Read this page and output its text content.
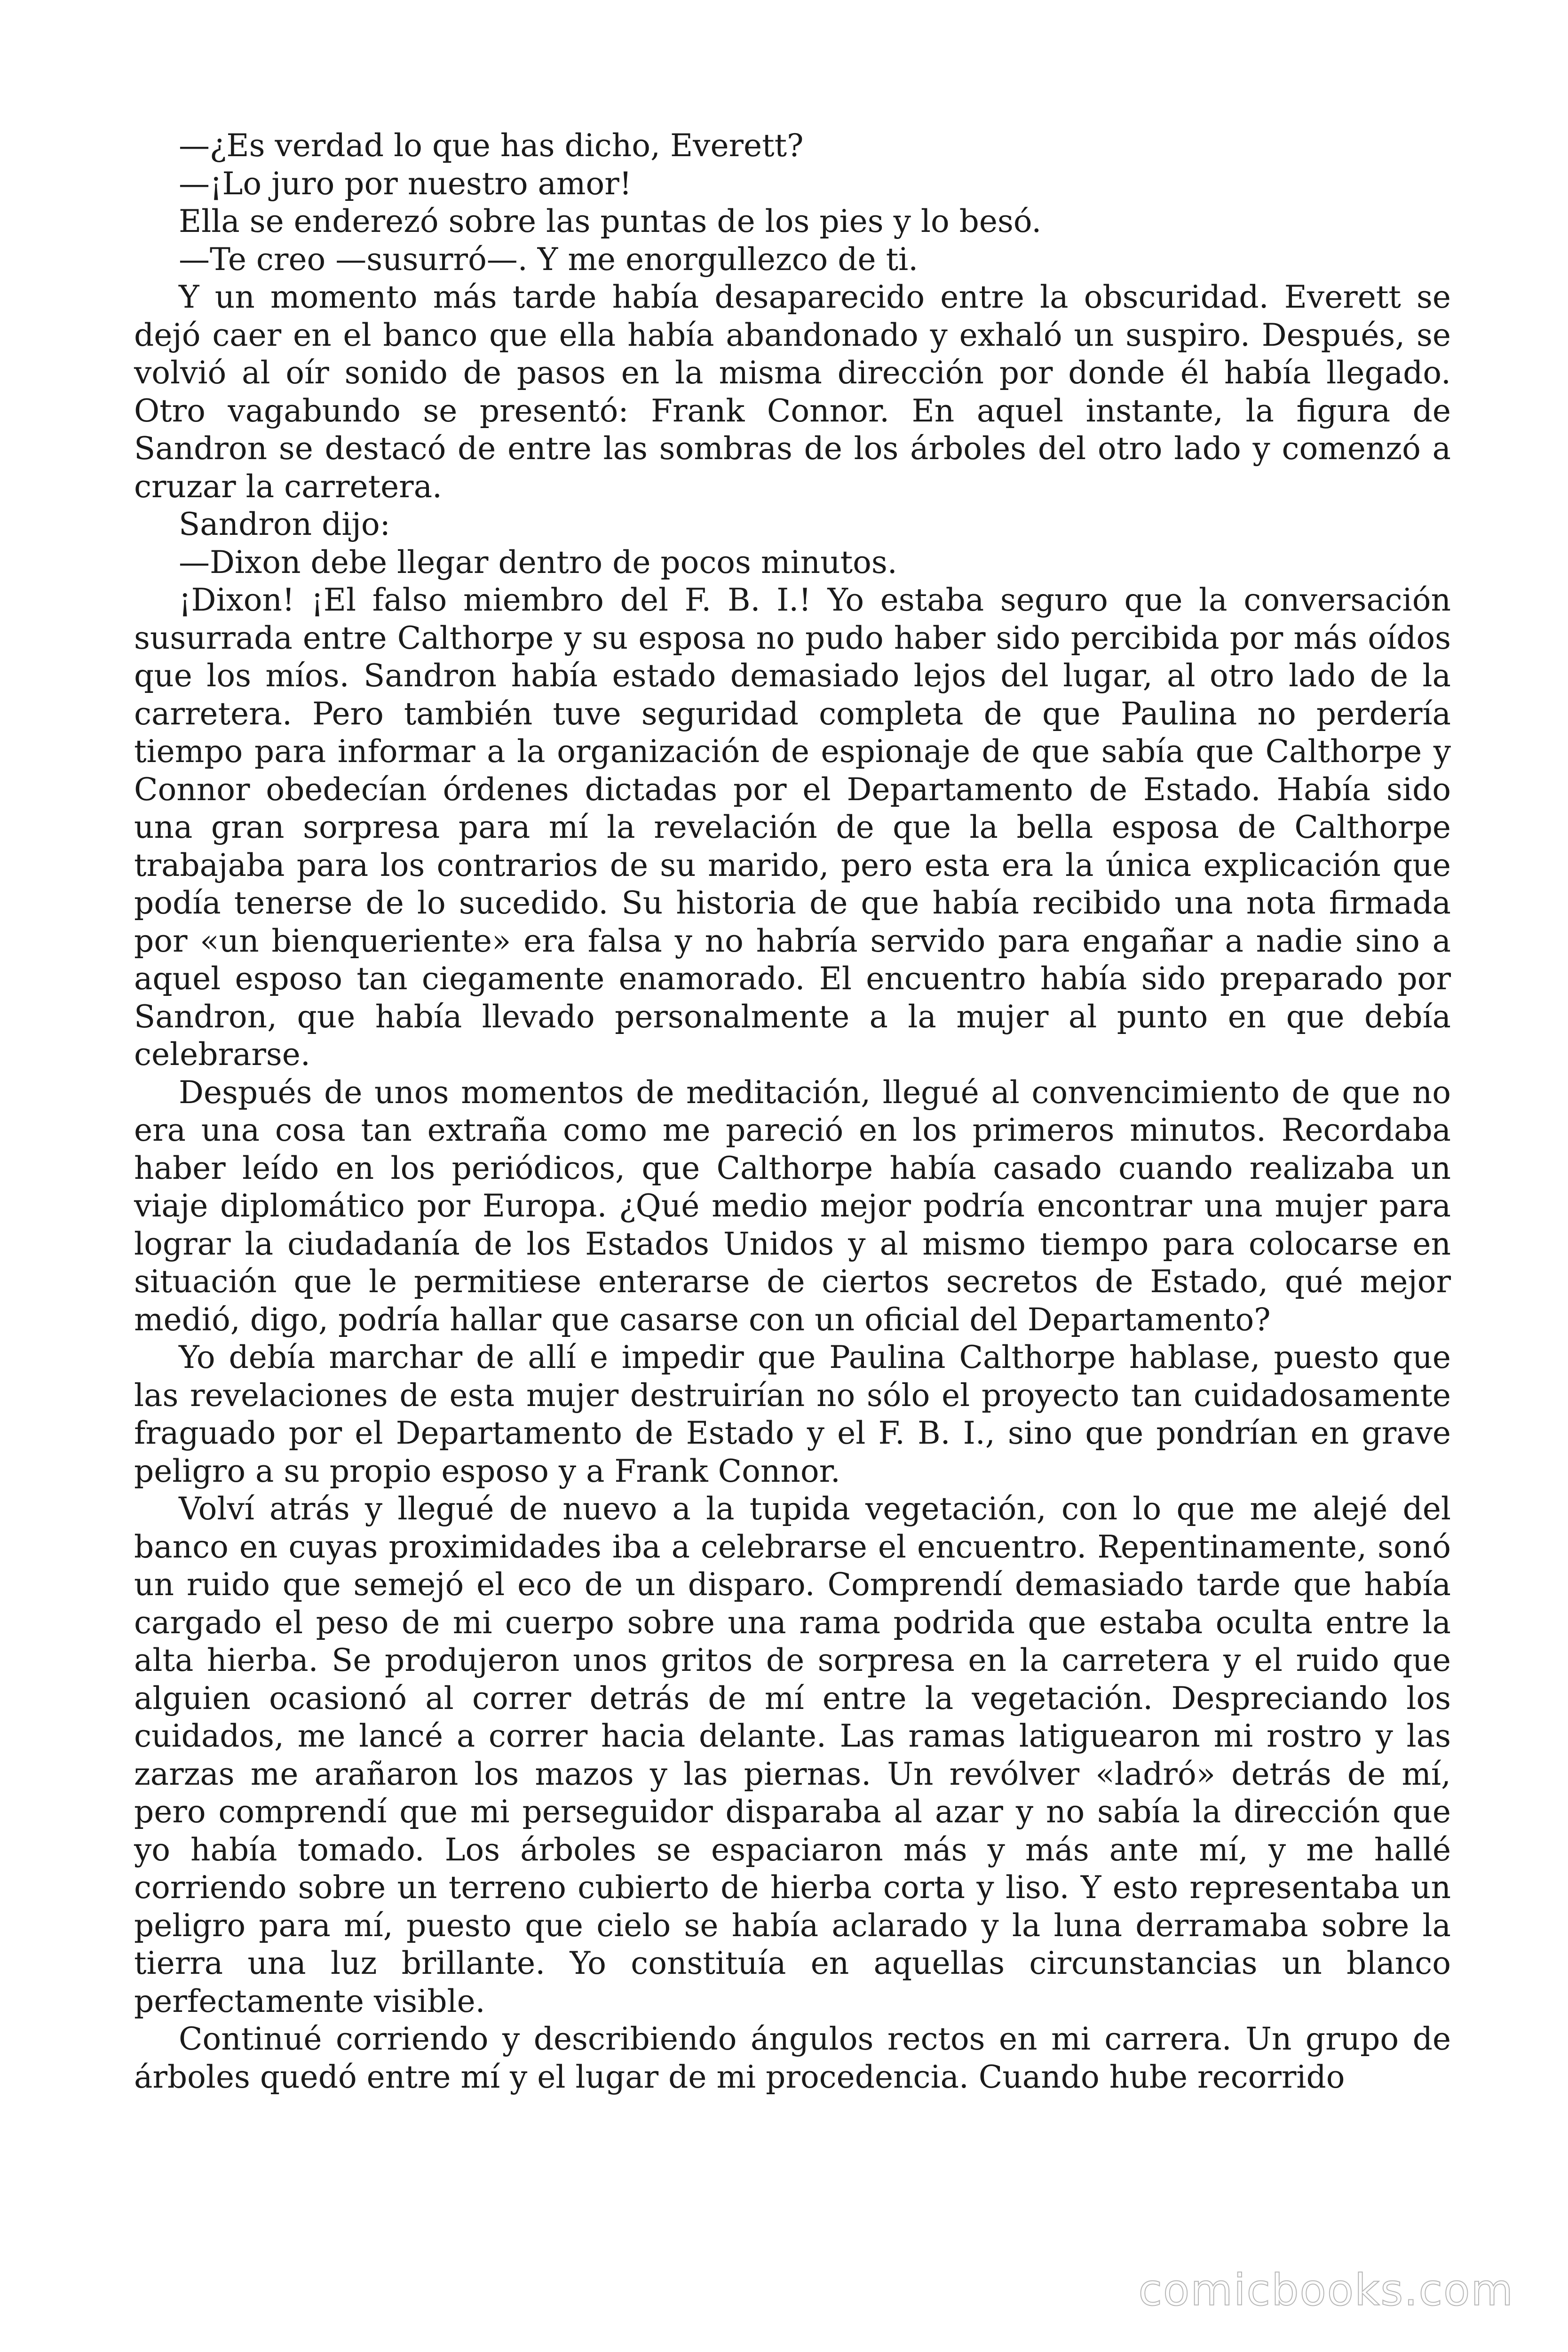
—¿Es verdad lo que has dicho, Everett?

—¡Lo juro por nuestro amor!

Ella se enderezó sobre las puntas de los pies y lo besó.

—Te creo —susurró—. Y me enorgullezco de ti.

Y un momento más tarde había desaparecido entre la obscuridad. Everett se dejó caer en el banco que ella había abandonado y exhaló un suspiro. Después, se volvió al oír sonido de pasos en la misma dirección por donde él había llegado. Otro vagabundo se presentó: Frank Connor. En aquel instante, la figura de Sandron se destacó de entre las sombras de los árboles del otro lado y comenzó a cruzar la carretera.

Sandron dijo:

—Dixon debe llegar dentro de pocos minutos.

¡Dixon! ¡El falso miembro del F. B. I.! Yo estaba seguro que la conversación susurrada entre Calthorpe y su esposa no pudo haber sido percibida por más oídos que los míos. Sandron había estado demasiado lejos del lugar, al otro lado de la carretera. Pero también tuve seguridad completa de que Paulina no perdería tiempo para informar a la organización de espionaje de que sabía que Calthorpe y Connor obedecían órdenes dictadas por el Departamento de Estado. Había sido una gran sorpresa para mí la revelación de que la bella esposa de Calthorpe trabajaba para los contrarios de su marido, pero esta era la única explicación que podía tenerse de lo sucedido. Su historia de que había recibido una nota firmada por «un bienqueriente» era falsa y no habría servido para engañar a nadie sino a aquel esposo tan ciegamente enamorado. El encuentro había sido preparado por Sandron, que había llevado personalmente a la mujer al punto en que debía celebrarse.

Después de unos momentos de meditación, llegué al convencimiento de que no era una cosa tan extraña como me pareció en los primeros minutos. Recordaba haber leído en los periódicos, que Calthorpe había casado cuando realizaba un viaje diplomático por Europa. ¿Qué medio mejor podría encontrar una mujer para lograr la ciudadanía de los Estados Unidos y al mismo tiempo para colocarse en situación que le permitiese enterarse de ciertos secretos de Estado, qué mejor medió, digo, podría hallar que casarse con un oficial del Departamento?

Yo debía marchar de allí e impedir que Paulina Calthorpe hablase, puesto que las revelaciones de esta mujer destruirían no sólo el proyecto tan cuidadosamente fraguado por el Departamento de Estado y el F. B. I., sino que pondrían en grave peligro a su propio esposo y a Frank Connor.

Volví atrás y llegué de nuevo a la tupida vegetación, con lo que me alejé del banco en cuyas proximidades iba a celebrarse el encuentro. Repentinamente, sonó un ruido que semejó el eco de un disparo. Comprendí demasiado tarde que había cargado el peso de mi cuerpo sobre una rama podrida que estaba oculta entre la alta hierba. Se produjeron unos gritos de sorpresa en la carretera y el ruido que alguien ocasionó al correr detrás de mí entre la vegetación. Despreciando los cuidados, me lancé a correr hacia delante. Las ramas latiguearon mi rostro y las zarzas me arañaron los mazos y las piernas. Un revólver «ladró» detrás de mí, pero comprendí que mi perseguidor disparaba al azar y no sabía la dirección que yo había tomado. Los árboles se espaciaron más y más ante mí, y me hallé corriendo sobre un terreno cubierto de hierba corta y liso. Y esto representaba un peligro para mí, puesto que cielo se había aclarado y la luna derramaba sobre la tierra una luz brillante. Yo constituía en aquellas circunstancias un blanco perfectamente visible.

Continué corriendo y describiendo ángulos rectos en mi carrera. Un grupo de árboles quedó entre mí y el lugar de mi procedencia. Cuando hube recorrido

comicbooks.com
